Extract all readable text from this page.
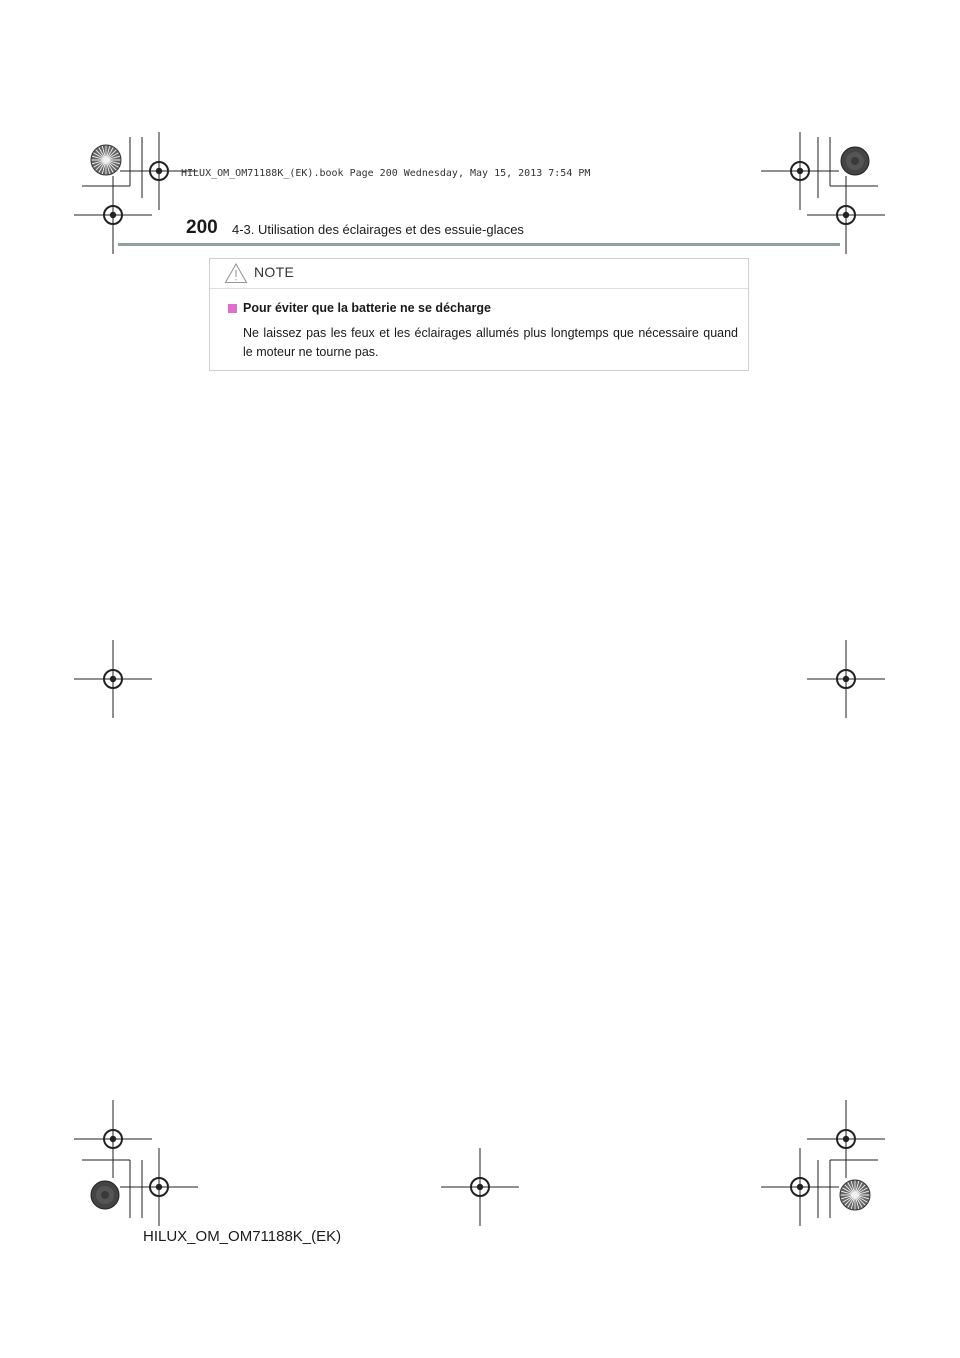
HILUX_OM_OM71188K_(EK).book Page 200 Wednesday, May 15, 2013 7:54 PM
200 4-3. Utilisation des éclairages et des essuie-glaces
NOTE
Pour éviter que la batterie ne se décharge

Ne laissez pas les feux et les éclairages allumés plus longtemps que nécessaire quand le moteur ne tourne pas.

HILUX_OM_OM71188K_(EK)
